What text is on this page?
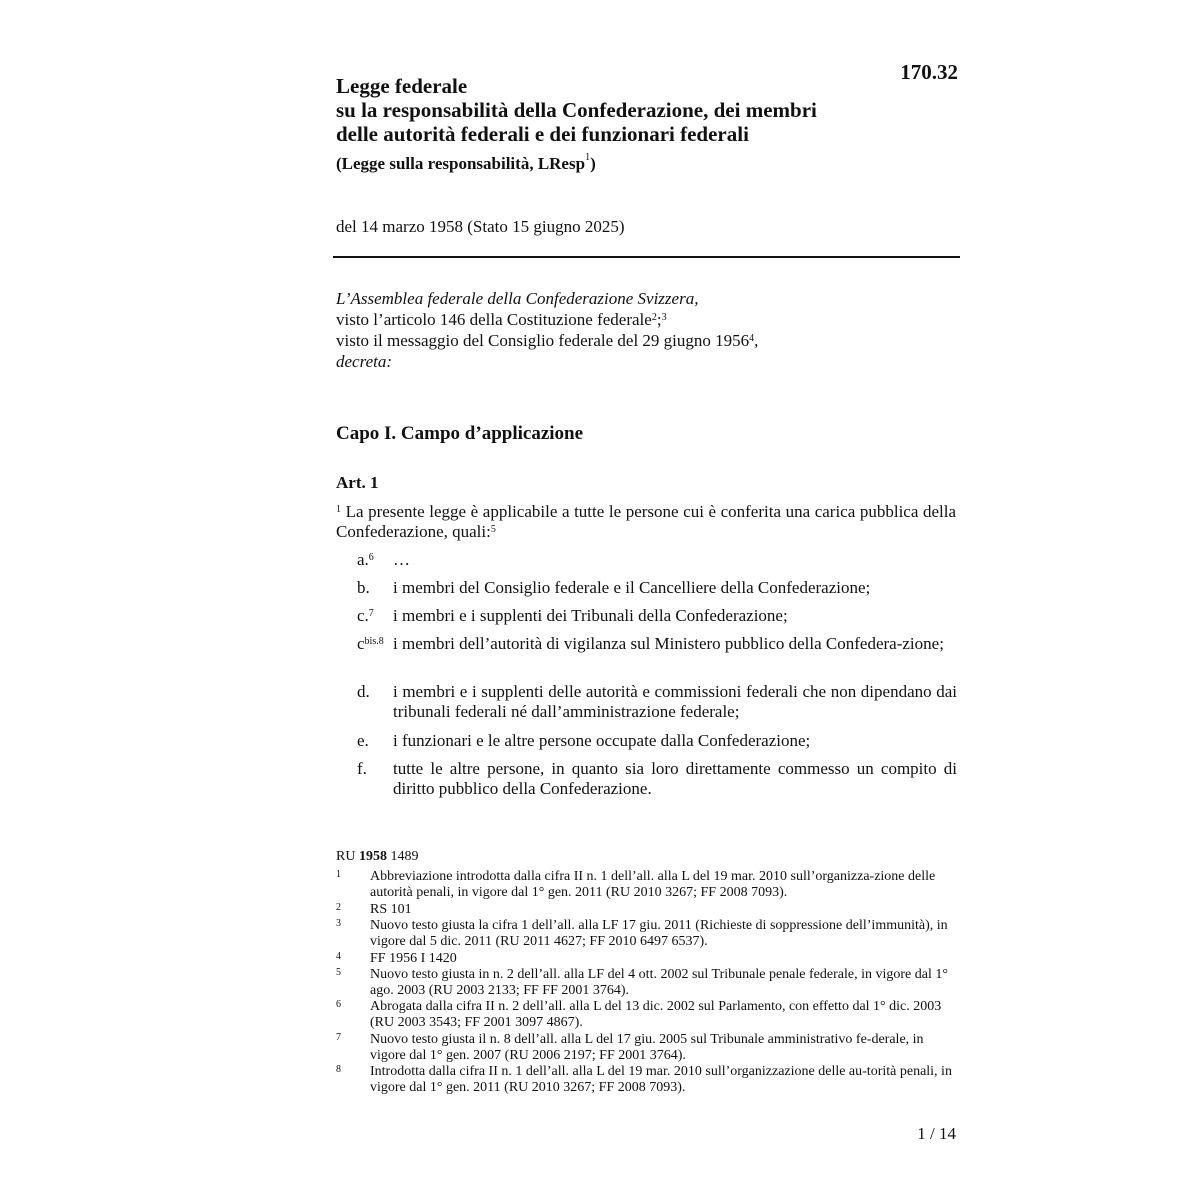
170.32
Legge federale
su la responsabilità della Confederazione, dei membri
delle autorità federali e dei funzionari federali
(Legge sulla responsabilità, LResp$^1$)
del 14 marzo 1958 (Stato 15 giugno 2025)
L’Assemblea federale della Confederazione Svizzera,
visto l’articolo 146 della Costituzione federale$^2$;$^3$
visto il messaggio del Consiglio federale del 29 giugno 1956$^4$,
decreta:
Capo I. Campo d’applicazione
Art. 1
$^1$ La presente legge è applicabile a tutte le persone cui è conferita una carica pubblica della Confederazione, quali:$^5$
a.$^6$ …
b. i membri del Consiglio federale e il Cancelliere della Confederazione;
c.$^7$ i membri e i supplenti dei Tribunali della Confederazione;
$c^{bis.8}$ i membri dell’autorità di vigilanza sul Ministero pubblico della Confedera-zione;
d. i membri e i supplenti delle autorità e commissioni federali che non dipendano dai tribunali federali né dall’amministrazione federale;
e. i funzionari e le altre persone occupate dalla Confederazione;
f. tutte le altre persone, in quanto sia loro direttamente commesso un compito di diritto pubblico della Confederazione.
RU 1958 1489
1 Abbreviazione introdotta dalla cifra II n. 1 dell’all. alla L del 19 mar. 2010 sull’organizza-zione delle autorità penali, in vigore dal 1° gen. 2011 (RU 2010 3267; FF 2008 7093).
2 RS 101
3 Nuovo testo giusta la cifra 1 dell’all. alla LF 17 giu. 2011 (Richieste di soppressione dell’immunità), in vigore dal 5 dic. 2011 (RU 2011 4627; FF 2010 6497 6537).
4 FF 1956 I 1420
5 Nuovo testo giusta in n. 2 dell’all. alla LF del 4 ott. 2002 sul Tribunale penale federale, in vigore dal 1° ago. 2003 (RU 2003 2133; FF FF 2001 3764).
6 Abrogata dalla cifra II n. 2 dell’all. alla L del 13 dic. 2002 sul Parlamento, con effetto dal 1° dic. 2003 (RU 2003 3543; FF 2001 3097 4867).
7 Nuovo testo giusta il n. 8 dell’all. alla L del 17 giu. 2005 sul Tribunale amministrativo fe-derale, in vigore dal 1° gen. 2007 (RU 2006 2197; FF 2001 3764).
8 Introdotta dalla cifra II n. 1 dell’all. alla L del 19 mar. 2010 sull’organizzazione delle au-torità penali, in vigore dal 1° gen. 2011 (RU 2010 3267; FF 2008 7093).
1 / 14
